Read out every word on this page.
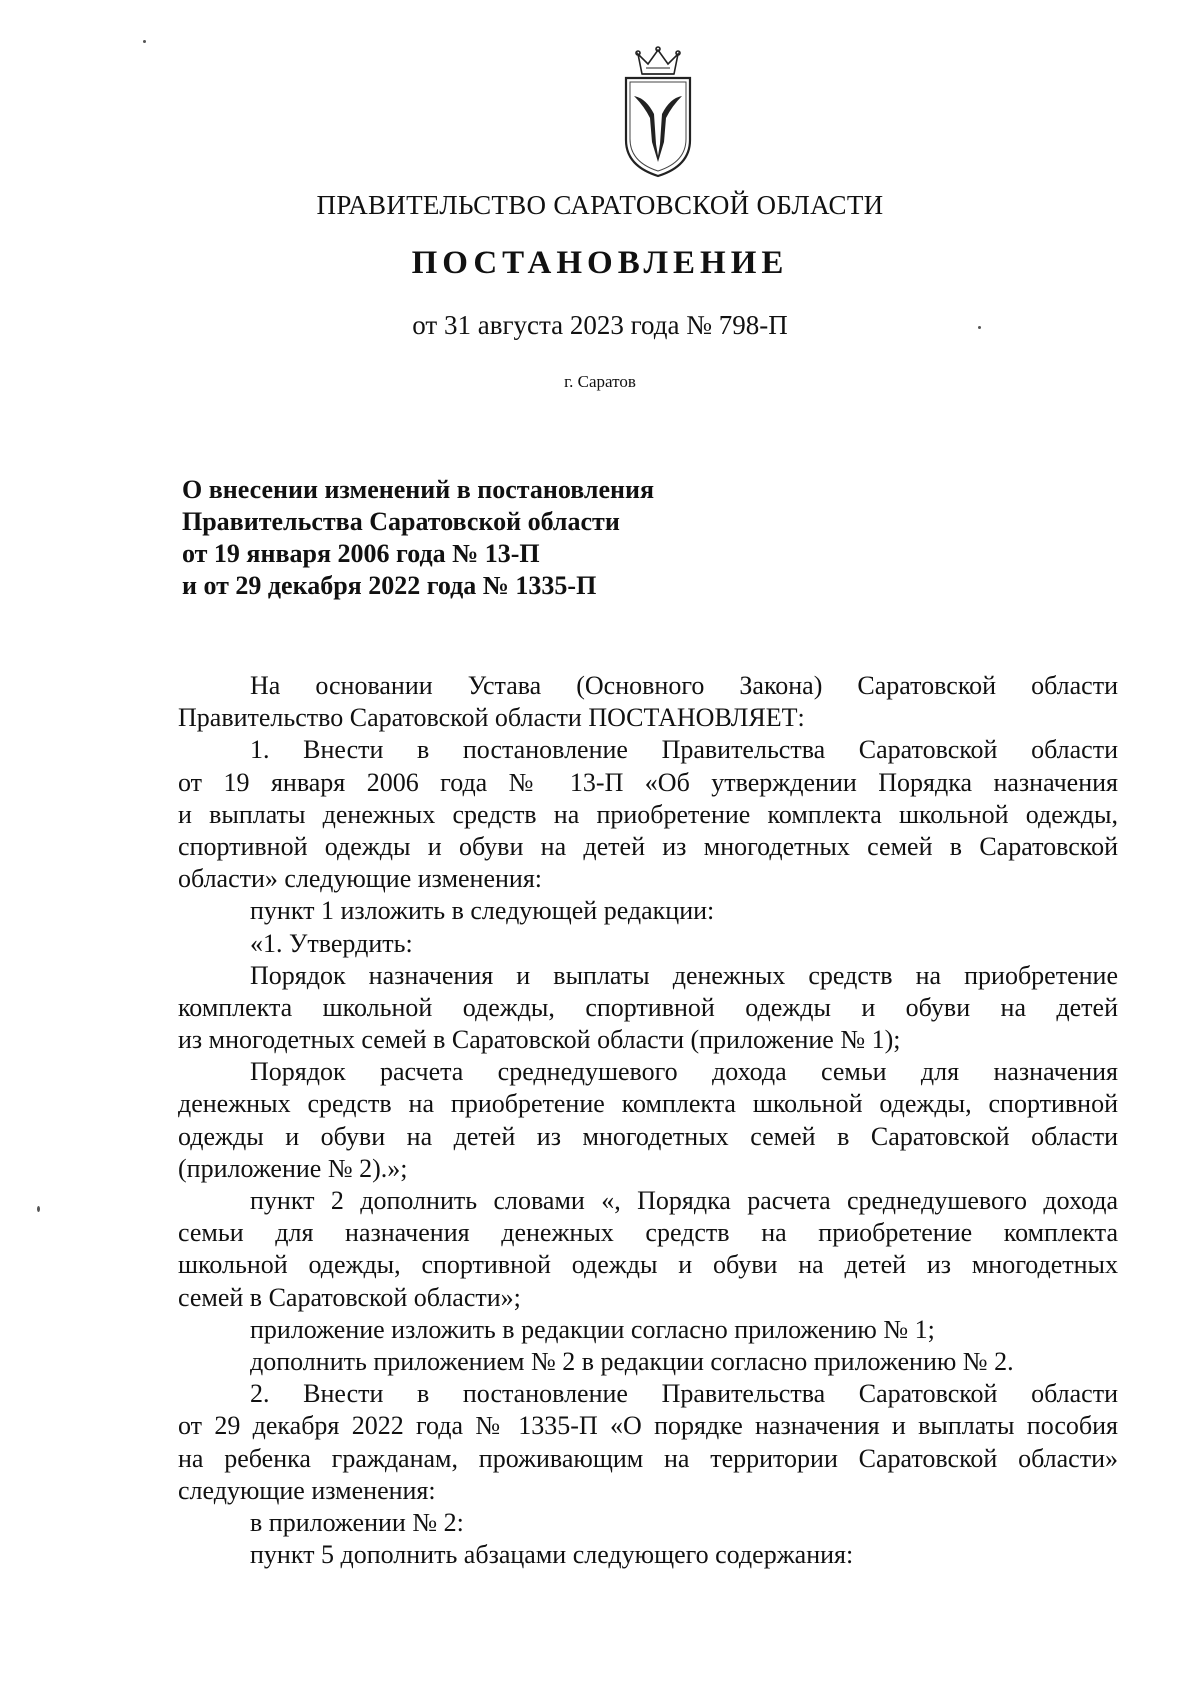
ПРАВИТЕЛЬСТВО САРАТОВСКОЙ ОБЛАСТИ
ПОСТАНОВЛЕНИЕ
от 31 августа 2023 года № 798-П
г. Саратов
О внесении изменений в постановления
Правительства Саратовской области
от 19 января 2006 года № 13-П
и от 29 декабря 2022 года № 1335-П
На основании Устава (Основного Закона) Саратовской области
Правительство Саратовской области ПОСТАНОВЛЯЕТ:
1. Внести в постановление Правительства Саратовской области
от 19 января 2006 года № 13-П «Об утверждении Порядка назначения
и выплаты денежных средств на приобретение комплекта школьной одежды,
спортивной одежды и обуви на детей из многодетных семей в Саратовской
области» следующие изменения:
пункт 1 изложить в следующей редакции:
«1. Утвердить:
Порядок назначения и выплаты денежных средств на приобретение
комплекта школьной одежды, спортивной одежды и обуви на детей
из многодетных семей в Саратовской области (приложение № 1);
Порядок расчета среднедушевого дохода семьи для назначения
денежных средств на приобретение комплекта школьной одежды, спортивной
одежды и обуви на детей из многодетных семей в Саратовской области
(приложение № 2).»;
пункт 2 дополнить словами «, Порядка расчета среднедушевого дохода
семьи для назначения денежных средств на приобретение комплекта
школьной одежды, спортивной одежды и обуви на детей из многодетных
семей в Саратовской области»;
приложение изложить в редакции согласно приложению № 1;
дополнить приложением № 2 в редакции согласно приложению № 2.
2. Внести в постановление Правительства Саратовской области
от 29 декабря 2022 года № 1335-П «О порядке назначения и выплаты пособия
на ребенка гражданам, проживающим на территории Саратовской области»
следующие изменения:
в приложении № 2:
пункт 5 дополнить абзацами следующего содержания:
